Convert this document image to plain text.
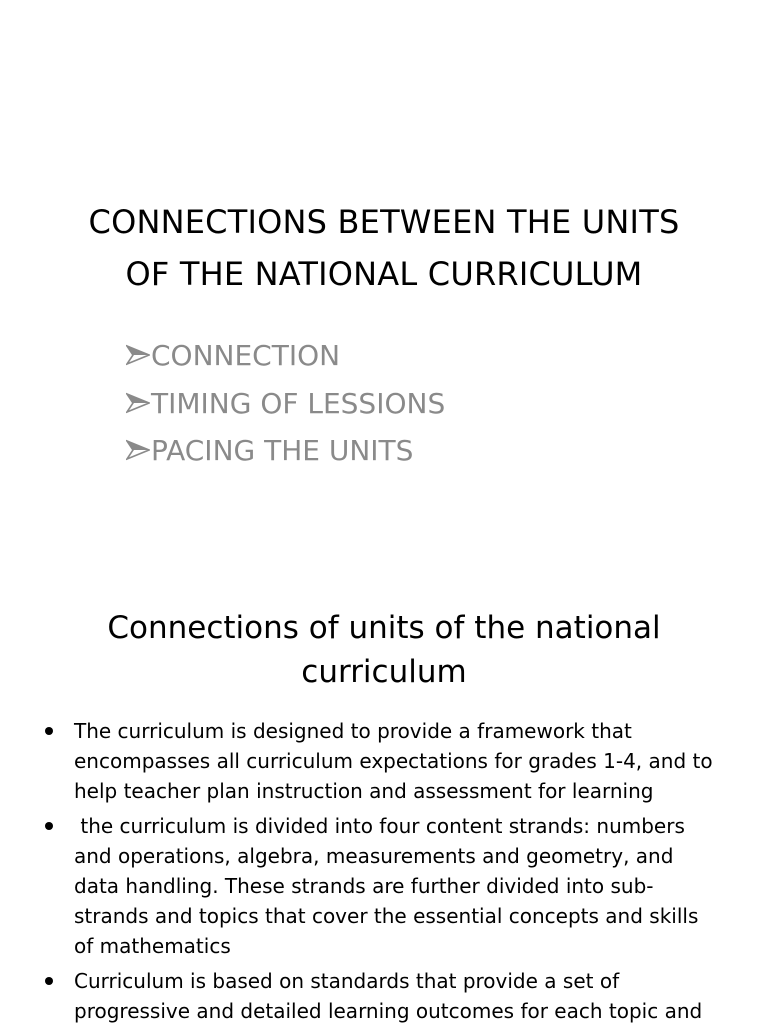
CONNECTIONS BETWEEN THE UNITS
OF THE NATIONAL CURRICULUM
CONNECTION
TIMING OF LESSIONS
PACING THE UNITS
Connections of units of the national
curriculum
The curriculum is designed to provide a framework that
encompasses all curriculum expectations for grades 1-4, and to
help teacher plan instruction and assessment for learning
the curriculum is divided into four content strands: numbers
and operations, algebra, measurements and geometry, and
data handling. These strands are further divided into sub-
strands and topics that cover the essential concepts and skills
of mathematics
Curriculum is based on standards that provide a set of
progressive and detailed learning outcomes for each topic and
